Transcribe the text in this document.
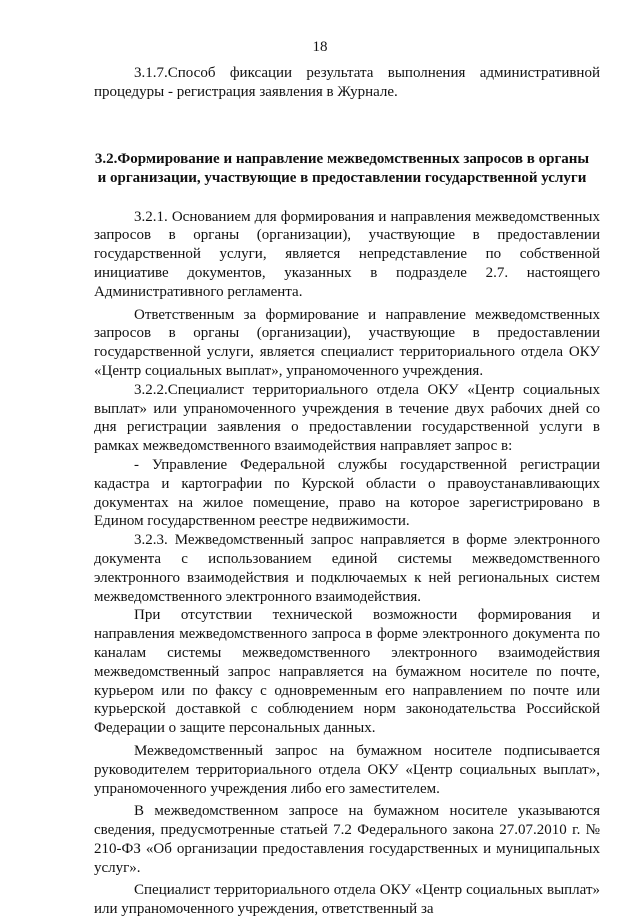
18

3.1.7.Способ фиксации результата выполнения административной процедуры - регистрация заявления в Журнале.

3.2.Формирование и направление межведомственных запросов в органы и организации, участвующие в предоставлении государственной услуги

3.2.1. Основанием для формирования и направления межведомственных запросов в органы (организации), участвующие в предоставлении государственной услуги, является непредставление по собственной инициативе документов, указанных в подразделе 2.7. настоящего Административного регламента.

Ответственным за формирование и направление межведомственных запросов в органы (организации), участвующие в предоставлении государственной услуги, является специалист территориального отдела ОКУ «Центр социальных выплат», упраномоченного учреждения.

3.2.2.Специалист территориального отдела ОКУ «Центр социальных выплат» или упраномоченного учреждения в течение двух рабочих дней со дня регистрации заявления о предоставлении государственной услуги в рамках межведомственного взаимодействия направляет запрос в:

- Управление Федеральной службы государственной регистрации кадастра и картографии по Курской области о правоустанавливающих документах на жилое помещение, право на которое зарегистрировано в Едином государственном реестре недвижимости.

3.2.3. Межведомственный запрос направляется в форме электронного документа с использованием единой системы межведомственного электронного взаимодействия и подключаемых к ней региональных систем межведомственного электронного взаимодействия.

При отсутствии технической возможности формирования и направления межведомственного запроса в форме электронного документа по каналам системы межведомственного электронного взаимодействия межведомственный запрос направляется на бумажном носителе по почте, курьером или по факсу с одновременным его направлением по почте или курьерской доставкой с соблюдением норм законодательства Российской Федерации о защите персональных данных.

Межведомственный запрос на бумажном носителе подписывается руководителем территориального отдела ОКУ «Центр социальных выплат», упраномоченного учреждения либо его заместителем.

В межведомственном запросе на бумажном носителе указываются сведения, предусмотренные статьей 7.2 Федерального закона 27.07.2010 г. № 210-ФЗ «Об организации предоставления государственных и муниципальных услуг».

Специалист территориального отдела ОКУ «Центр социальных выплат» или упраномоченного учреждения, ответственный за
